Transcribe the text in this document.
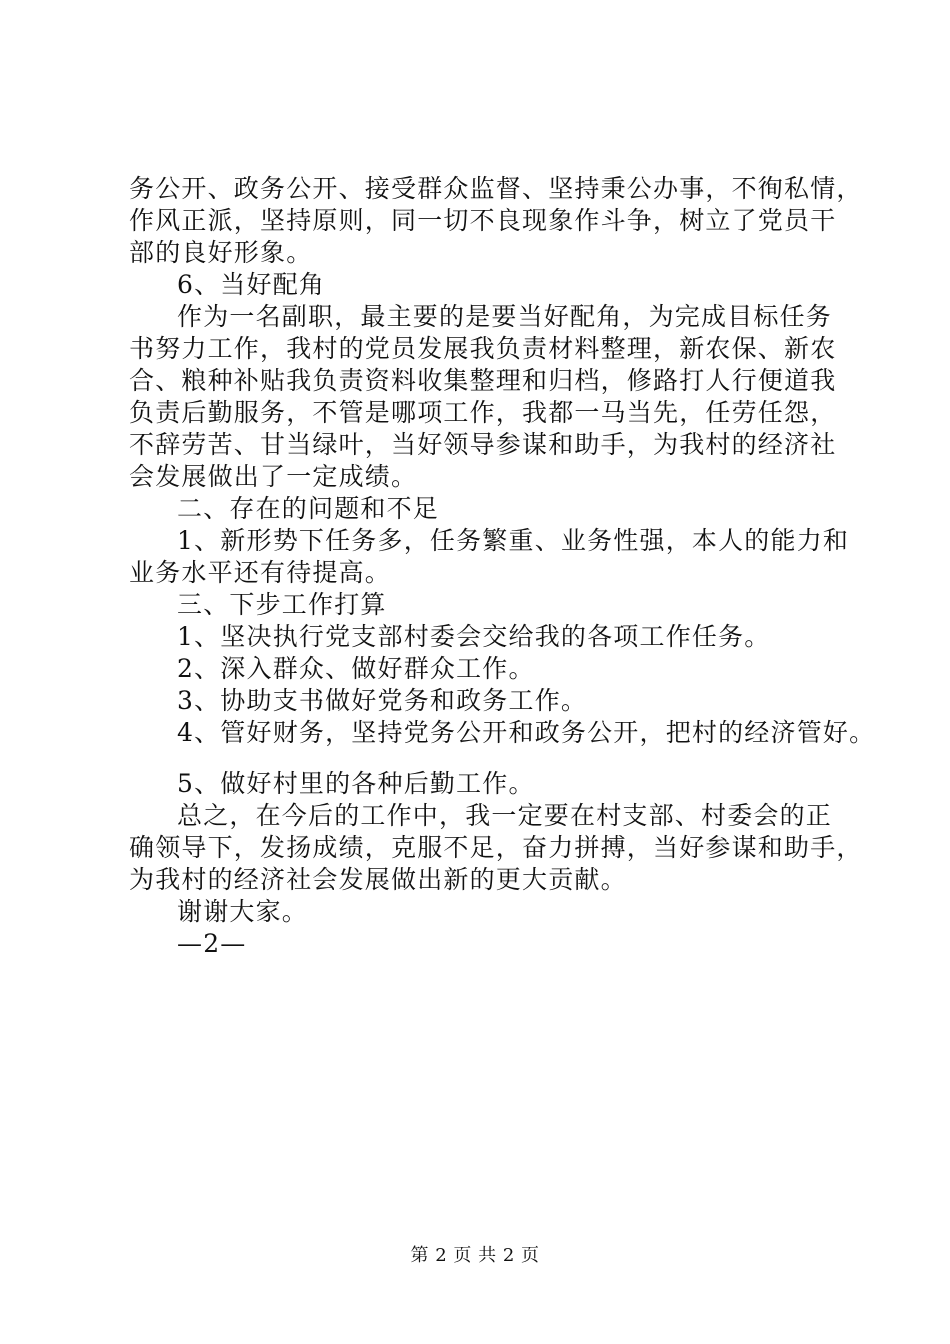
务公开、政务公开、接受群众监督、坚持秉公办事，不徇私情，
作风正派，坚持原则，同一切不良现象作斗争，树立了党员干
部的良好形象。
6、当好配角
作为一名副职，最主要的是要当好配角，为完成目标任务
书努力工作，我村的党员发展我负责材料整理，新农保、新农
合、粮种补贴我负责资料收集整理和归档，修路打人行便道我
负责后勤服务，不管是哪项工作，我都一马当先，任劳任怨，
不辞劳苦、甘当绿叶，当好领导参谋和助手，为我村的经济社
会发展做出了一定成绩。
二、存在的问题和不足
1、新形势下任务多，任务繁重、业务性强，本人的能力和
业务水平还有待提高。
三、下步工作打算
1、坚决执行党支部村委会交给我的各项工作任务。
2、深入群众、做好群众工作。
3、协助支书做好党务和政务工作。
4、管好财务，坚持党务公开和政务公开，把村的经济管好。
5、做好村里的各种后勤工作。
总之，在今后的工作中，我一定要在村支部、村委会的正
确领导下，发扬成绩，克服不足，奋力拼搏，当好参谋和助手，
为我村的经济社会发展做出新的更大贡献。
谢谢大家。
—2—
第 2 页 共 2 页
